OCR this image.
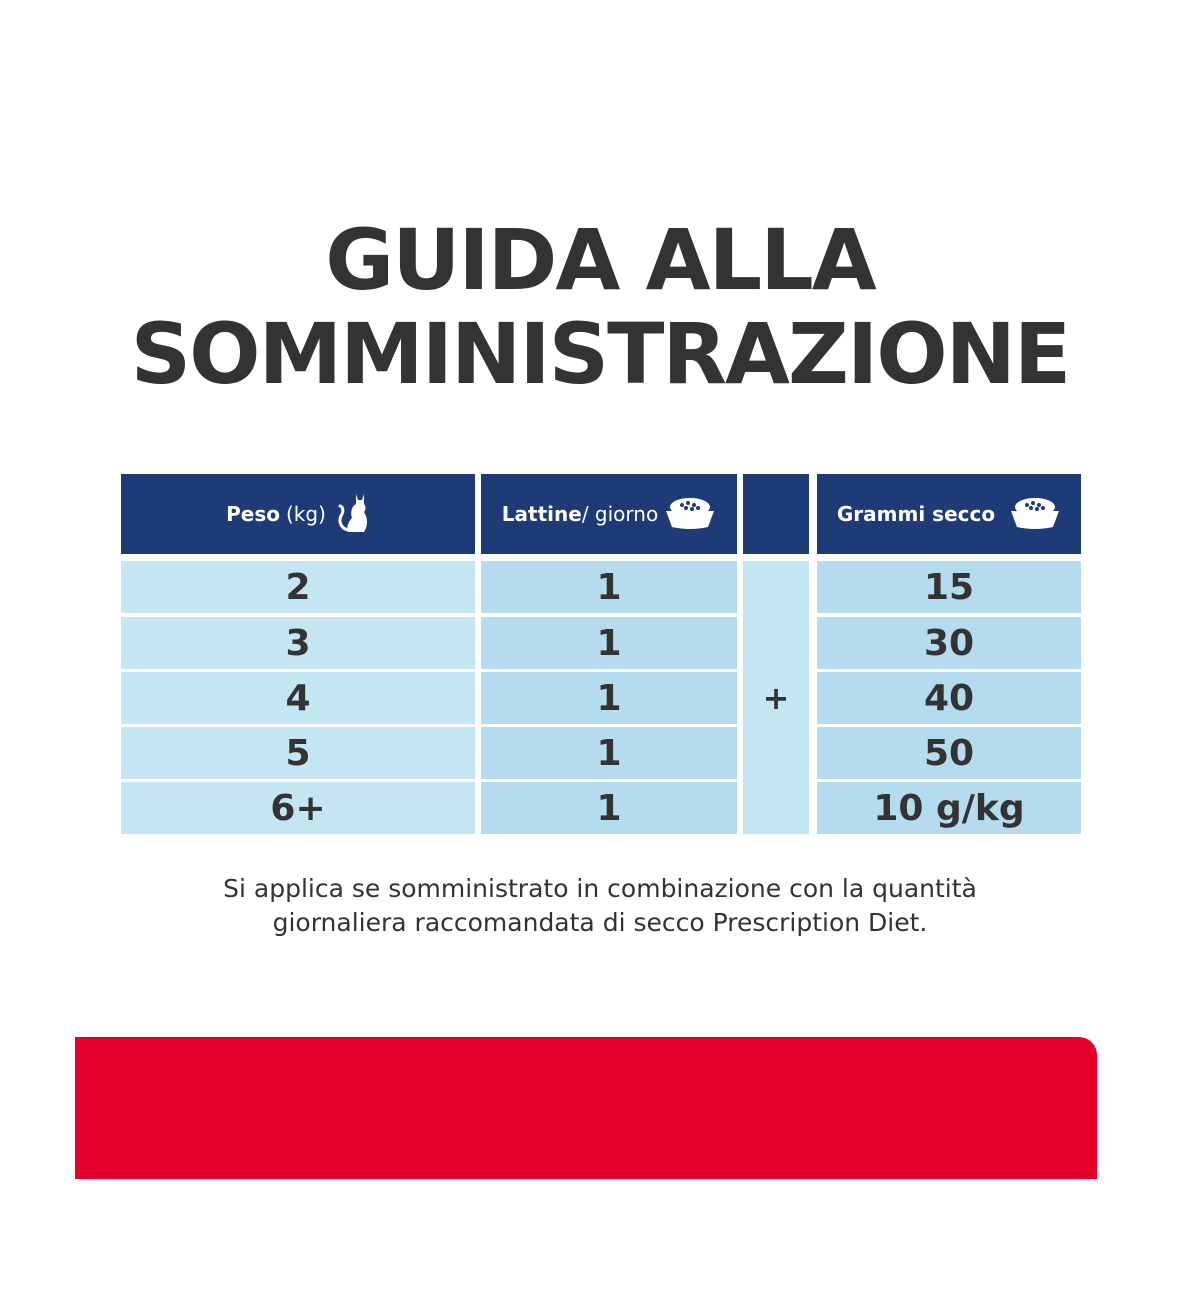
GUIDA ALLA
SOMMINISTRAZIONE
Peso (kg)	Lattine / giorno	Grammi secco
2	1	15
3	1	30
4	1	40
5	1	50
6+	1	10 g/kg
+

Si applica se somministrato in combinazione con la quantità
giornaliera raccomandata di secco Prescription Diet.
